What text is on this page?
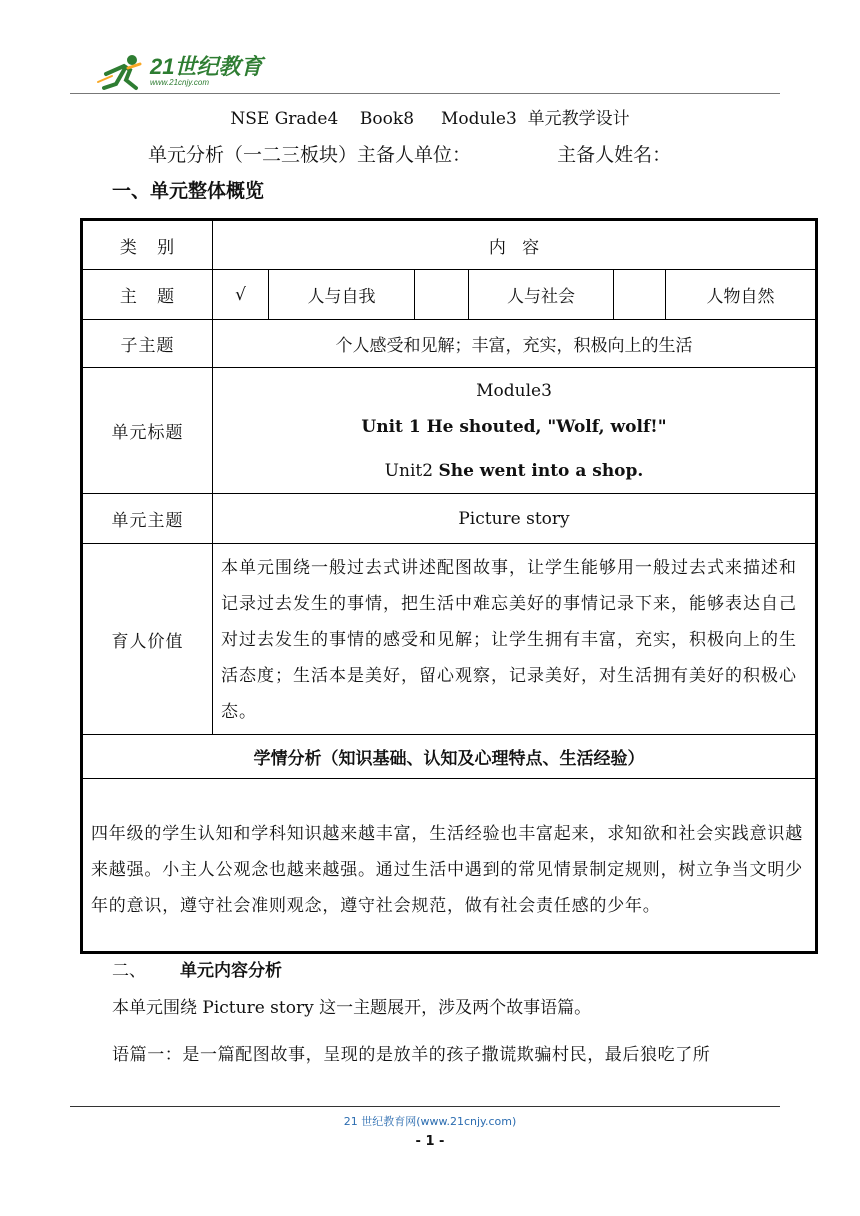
21世纪教育
www.21cnjy.com
NSE Grade4    Book8     Module3  单元教学设计
单元分析（一二三板块）主备人单位：	主备人姓名：
一、单元整体概览
类   别	内   容					
主   题	√	人与自我		人与社会		人物自然
子主题	个人感受和见解；丰富，充实，积极向上的生活					
单元标题	Module3
Unit 1 He shouted, "Wolf, wolf!"
Unit2 She went into a shop.					

单元主题	Picture story					
育人价值	本单元围绕一般过去式讲述配图故事，让学生能够用一般过去式来描述和记录过去发生的事情，把生活中难忘美好的事情记录下来，能够表达自己对过去发生的事情的感受和见解；让学生拥有丰富，充实，积极向上的生活态度；生活本是美好，留心观察，记录美好，对生活拥有美好的积极心态。					
学情分析（知识基础、认知及心理特点、生活经验）						
四年级的学生认知和学科知识越来越丰富，生活经验也丰富起来，求知欲和社会实践意识越来越强。小主人公观念也越来越强。通过生活中遇到的常见情景制定规则，树立争当文明少年的意识，遵守社会准则观念，遵守社会规范，做有社会责任感的少年。						
二、 单元内容分析
本单元围绕 Picture story 这一主题展开，涉及两个故事语篇。
语篇一：是一篇配图故事，呈现的是放羊的孩子撒谎欺骗村民，最后狼吃了所
21 世纪教育网(www.21cnjy.com)
- 1 -
